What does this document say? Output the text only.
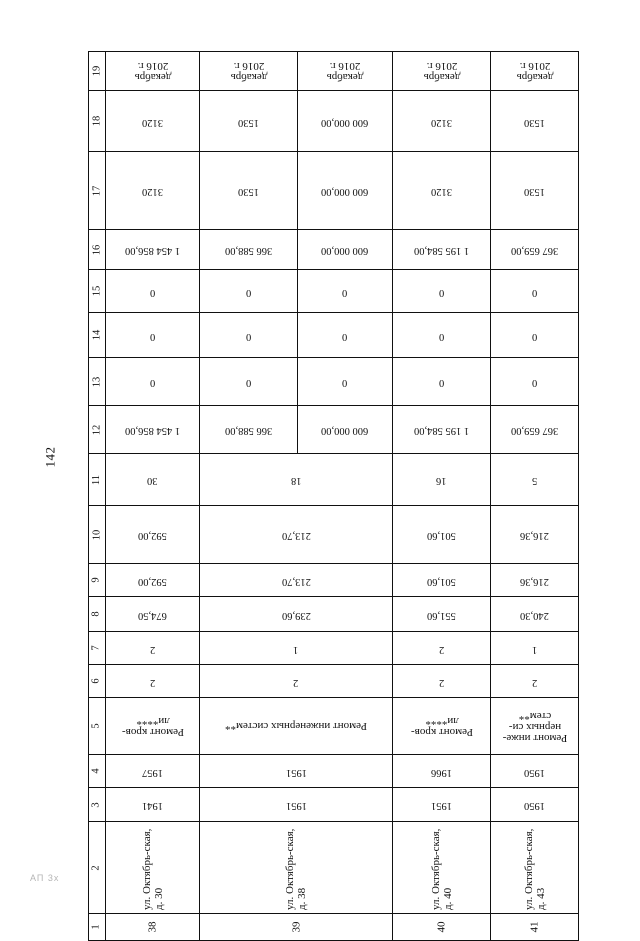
142
АП 3х
19	декабрь 2016 г.	декабрь 2016 г.	декабрь 2016 г.	декабрь 2016 г.	декабрь 2016 г.
18	3120	1530	600 000,00	3120	1530
17	3120	1530	600 000,00	3120	1530
16	1 454 856,00	366 588,00	600 000,00	1 195 584,00	367 659,00
15	0	0	0	0	0
14	0	0	0	0	0
13	0	0	0	0	0
12	1 454 856,00	366 588,00	600 000,00	1 195 584,00	367 659,00
11	30	18		16	5
10	592,00	213,70		501,60	216,36
9	592,00	213,70		501,60	216,36
8	674,50	239,60		551,60	240,30
7	2	1		2	1
6	2	2		2	2
5	Ремонт кров-ли****	Ремонт инженерных систем**		Ремонт кров-ли****	Ремонт инже-нерных си-стем**
4	1957	1951		1966	1950
3	1941	1951		1951	1950
2	ул. Октябрь-ская, д. 30	ул. Октябрь-ская, д. 38		ул. Октябрь-ская, д. 40	ул. Октябрь-ская, д. 43
1	38	39		40	41
